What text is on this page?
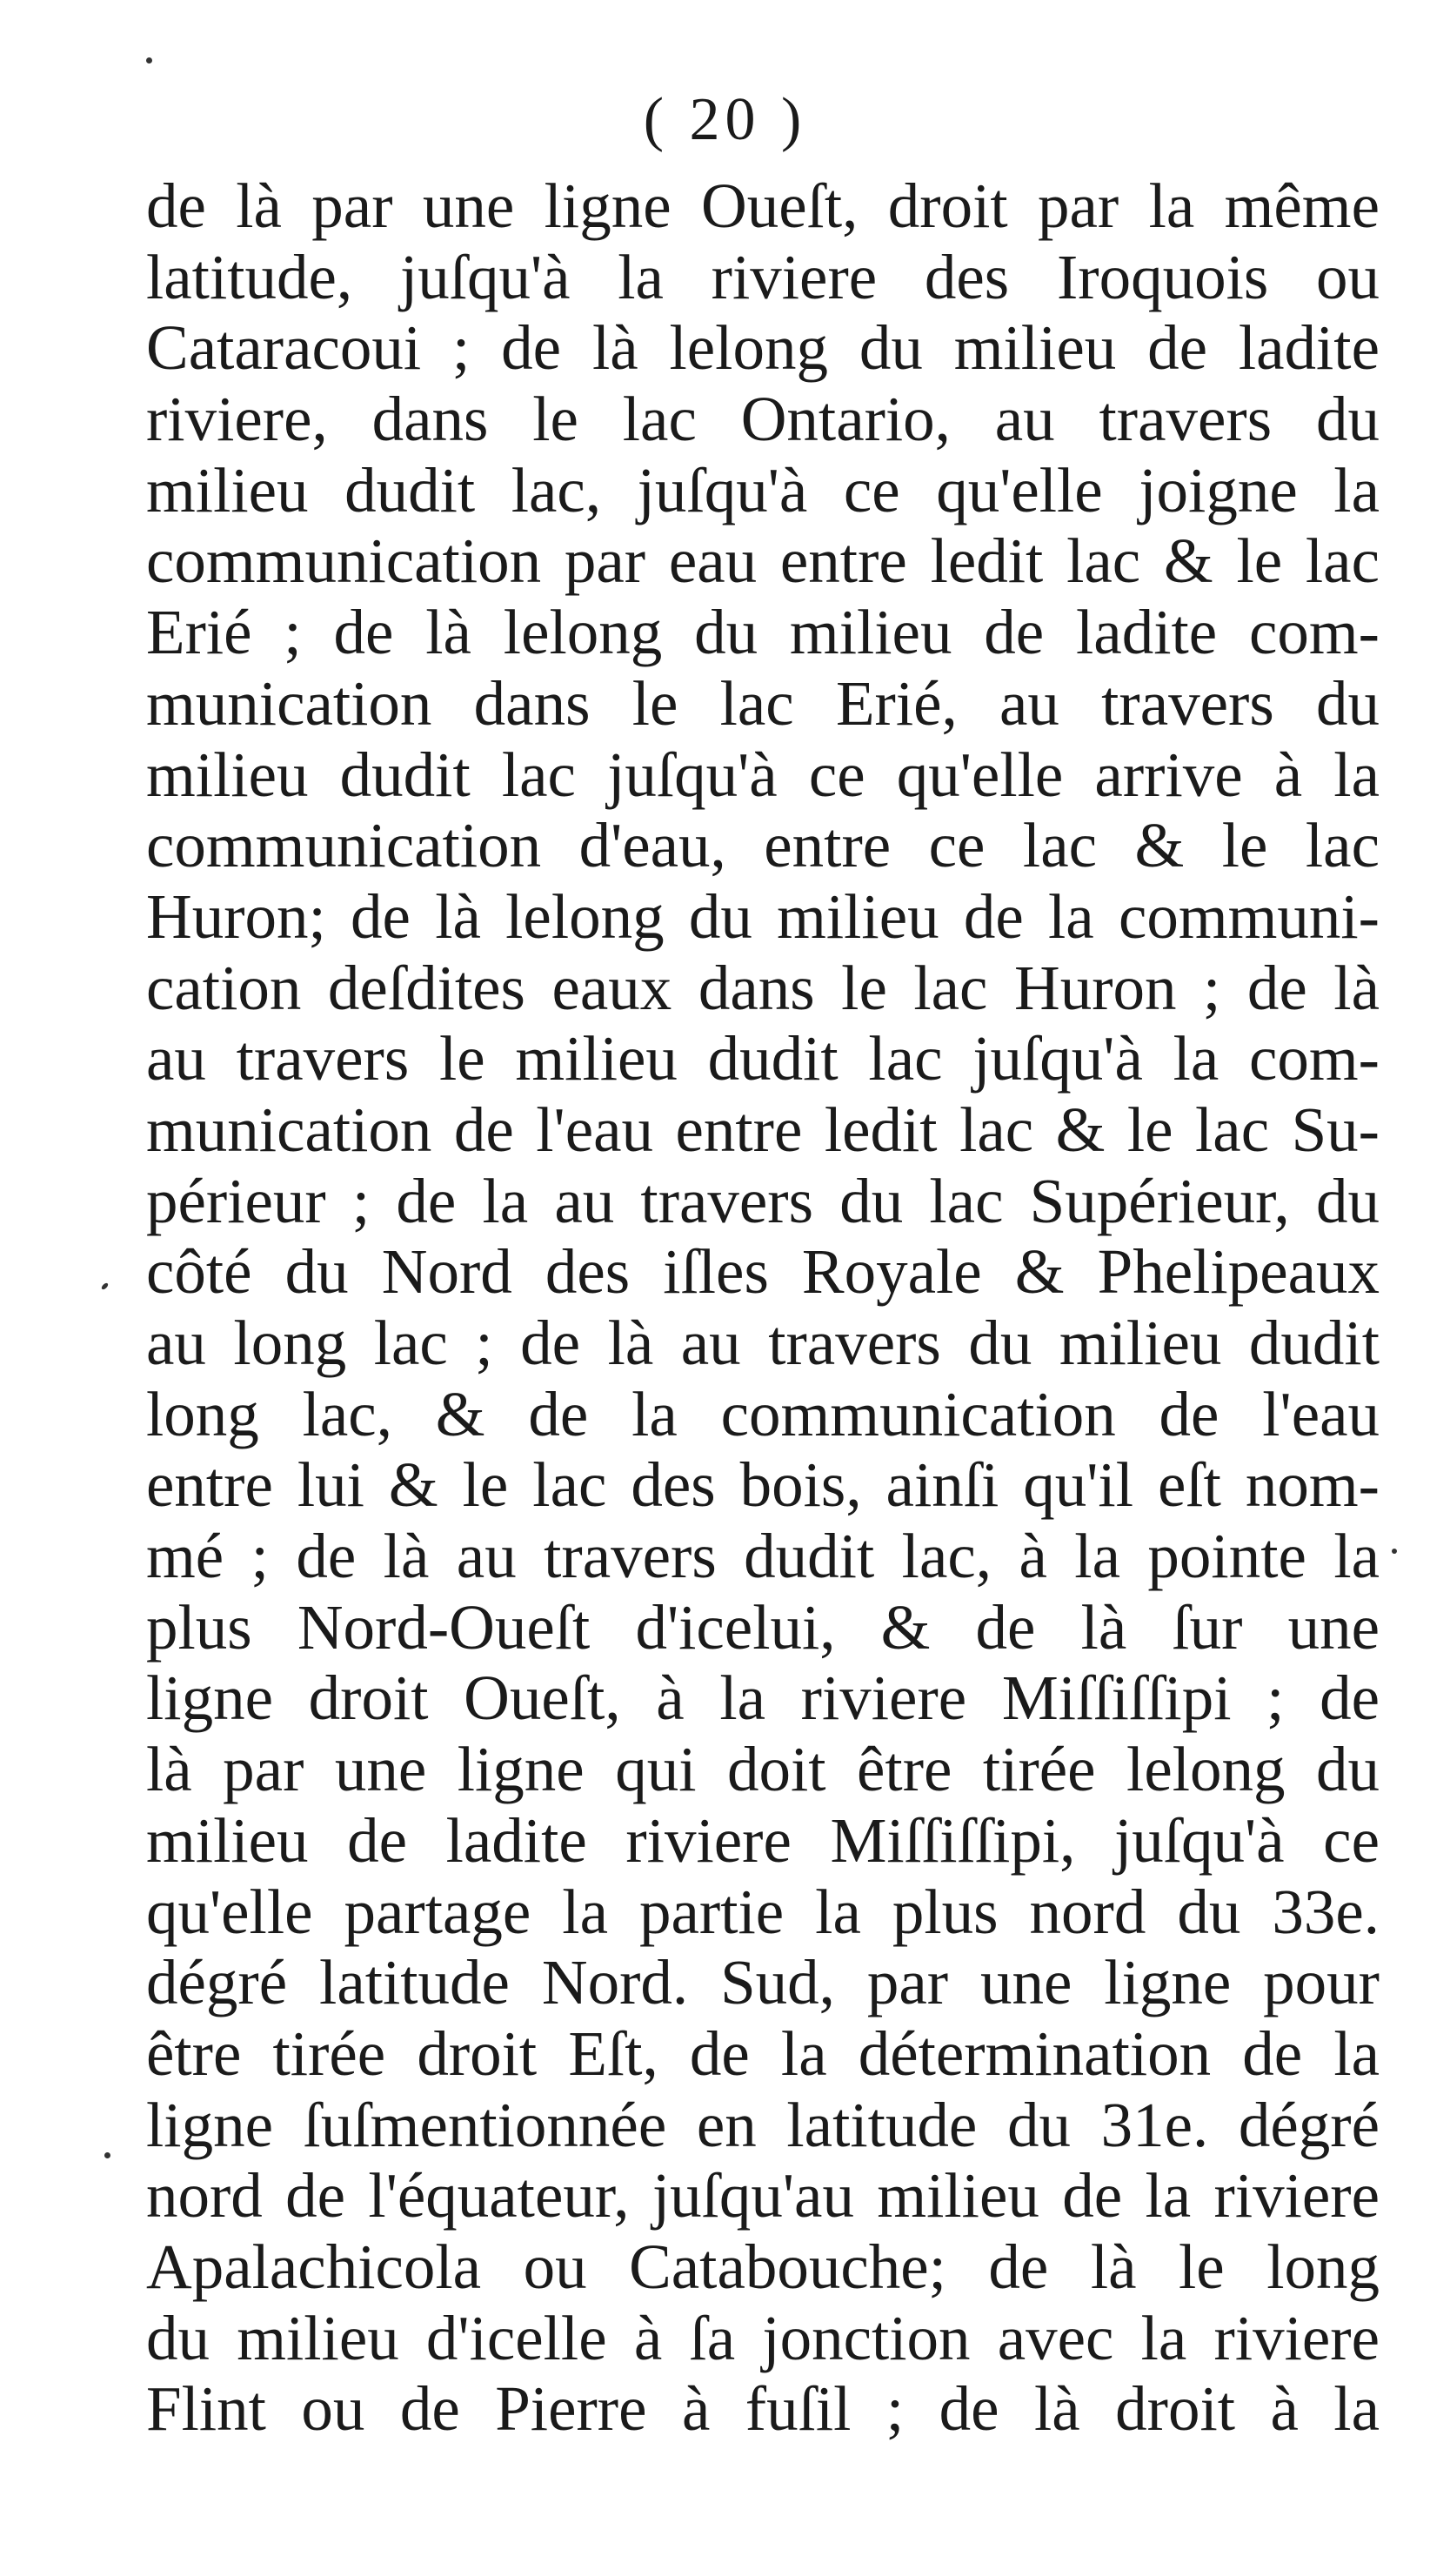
( 20 )
de là par une ligne Oueſt, droit par la même
latitude, juſqu'à la riviere des Iroquois ou
Cataracoui ; de là lelong du milieu de ladite
riviere, dans le lac Ontario, au travers du
milieu dudit lac, juſqu'à ce qu'elle joigne la
communication par eau entre ledit lac & le lac
Erié ; de là lelong du milieu de ladite com-
munication dans le lac Erié, au travers du
milieu dudit lac juſqu'à ce qu'elle arrive à la
communication d'eau, entre ce lac & le lac
Huron; de là lelong du milieu de la communi-
cation deſdites eaux dans le lac Huron ; de là
au travers le milieu dudit lac juſqu'à la com-
munication de l'eau entre ledit lac & le lac Su-
périeur ; de la au travers du lac Supérieur, du
côté du Nord des iſles Royale & Phelipeaux
au long lac ; de là au travers du milieu dudit
long lac, & de la communication de l'eau
entre lui & le lac des bois, ainſi qu'il eſt nom-
mé ; de là au travers dudit lac, à la pointe la
plus Nord-Oueſt d'icelui, & de là ſur une
ligne droit Oueſt, à la riviere Miſſiſſipi ; de
là par une ligne qui doit être tirée lelong du
milieu de ladite riviere Miſſiſſipi, juſqu'à ce
qu'elle partage la partie la plus nord du 33e.
dégré latitude Nord. Sud, par une ligne pour
être tirée droit Eſt, de la détermination de la
ligne ſuſmentionnée en latitude du 31e. dégré
nord de l'équateur, juſqu'au milieu de la riviere
Apalachicola ou Catabouche; de là le long
du milieu d'icelle à ſa jonction avec la riviere
Flint ou de Pierre à fuſil ; de là droit à la
